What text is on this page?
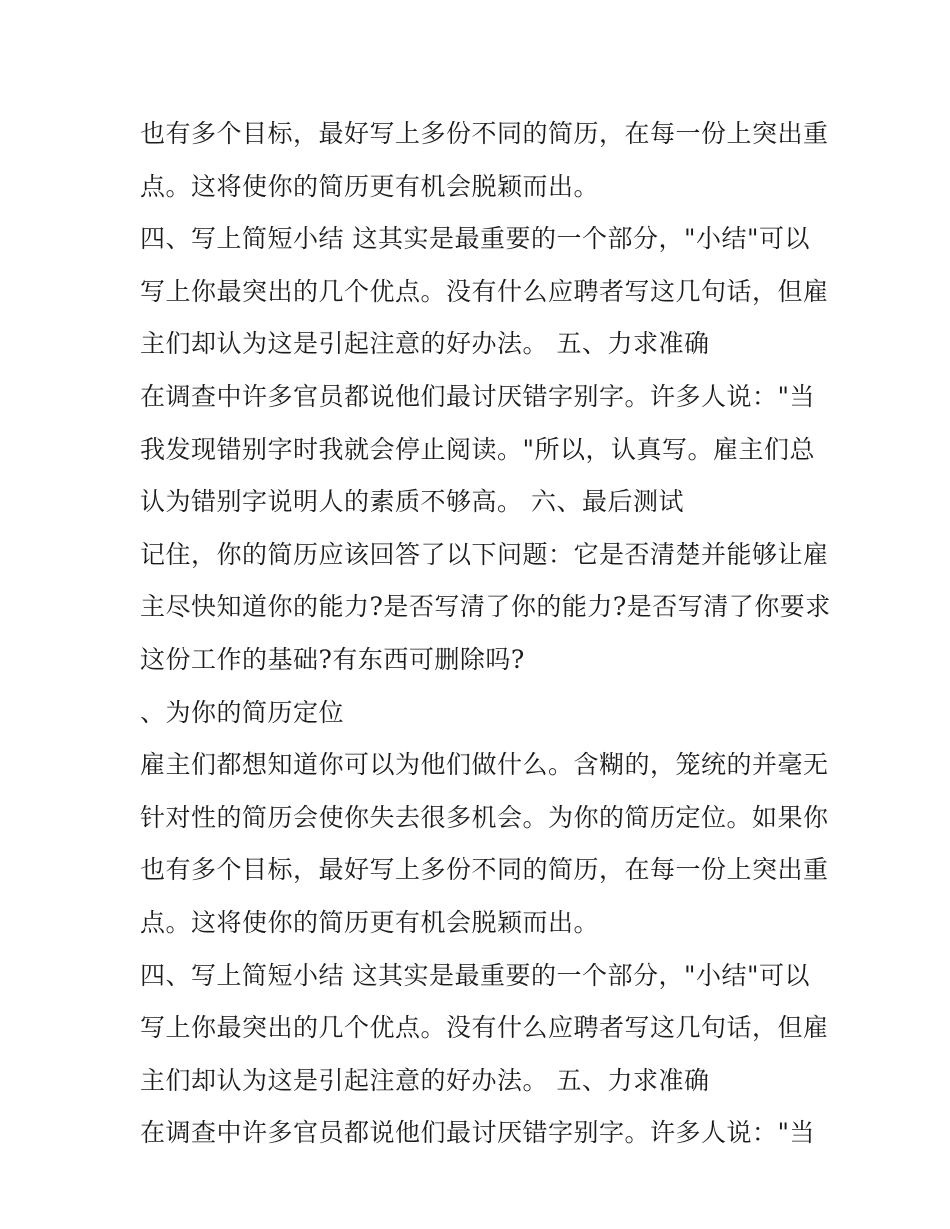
也有多个目标，最好写上多份不同的简历，在每一份上突出重
点。这将使你的简历更有机会脱颖而出。
四、写上简短小结 这其实是最重要的一个部分，"小结"可以
写上你最突出的几个优点。没有什么应聘者写这几句话，但雇
主们却认为这是引起注意的好办法。 五、力求准确
在调查中许多官员都说他们最讨厌错字别字。许多人说："当
我发现错别字时我就会停止阅读。"所以，认真写。雇主们总
认为错别字说明人的素质不够高。 六、最后测试
记住，你的简历应该回答了以下问题：它是否清楚并能够让雇
主尽快知道你的能力?是否写清了你的能力?是否写清了你要求
这份工作的基础?有东西可删除吗?
、为你的简历定位
雇主们都想知道你可以为他们做什么。含糊的，笼统的并毫无
针对性的简历会使你失去很多机会。为你的简历定位。如果你
也有多个目标，最好写上多份不同的简历，在每一份上突出重
点。这将使你的简历更有机会脱颖而出。
四、写上简短小结 这其实是最重要的一个部分，"小结"可以
写上你最突出的几个优点。没有什么应聘者写这几句话，但雇
主们却认为这是引起注意的好办法。 五、力求准确
在调查中许多官员都说他们最讨厌错字别字。许多人说："当
